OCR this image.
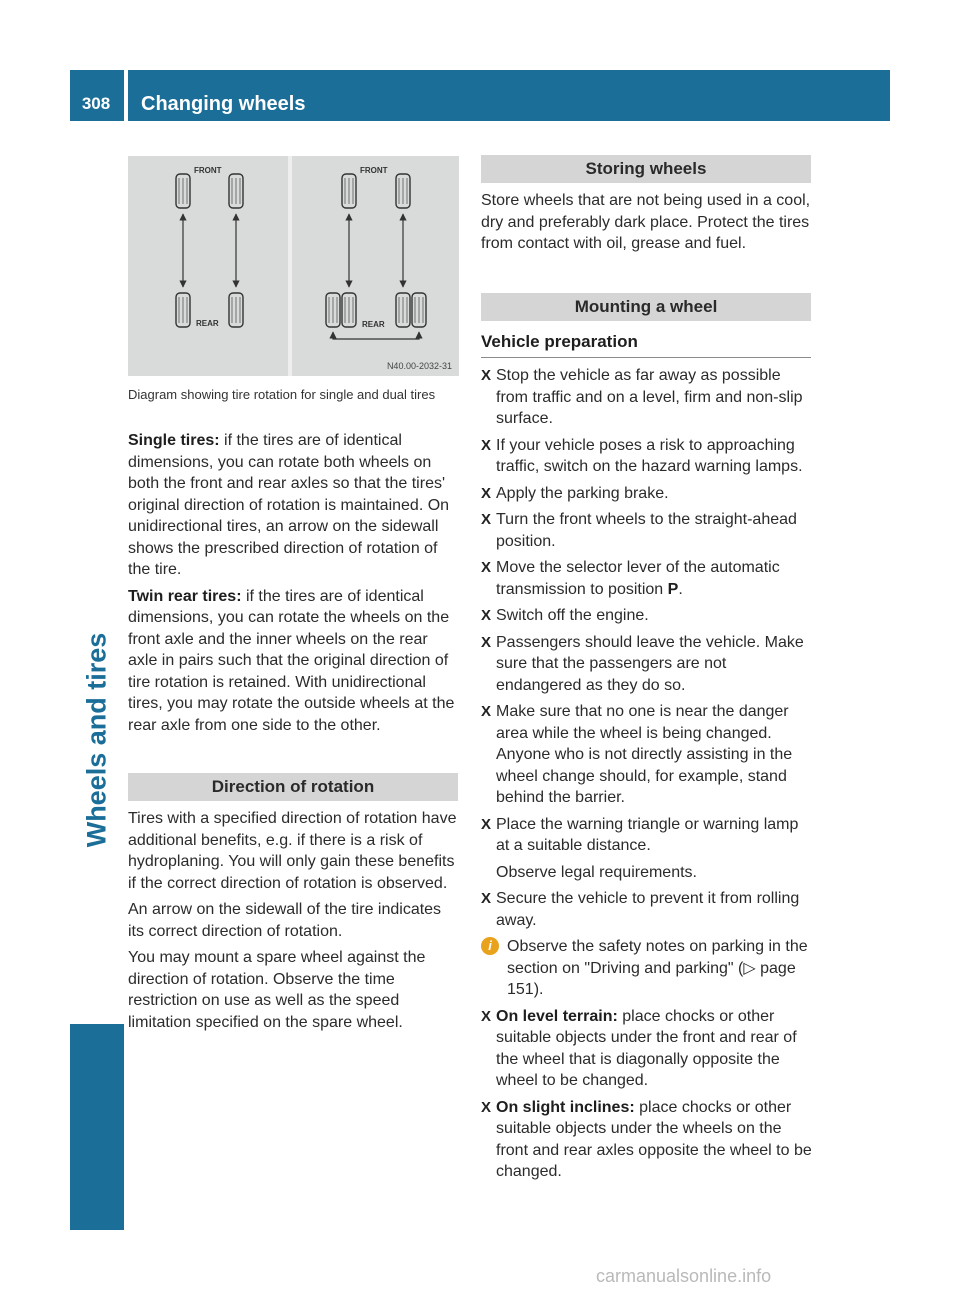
308	Changing wheels
Wheels and tires
FRONT
REAR
FRONT
REAR
N40.00-2032-31
Diagram showing tire rotation for single and dual tires

Single tires: if the tires are of identical dimensions, you can rotate both wheels on both the front and rear axles so that the tires' original direction of rotation is maintained. On unidirectional tires, an arrow on the sidewall shows the prescribed direction of rotation of the tire.

Twin rear tires: if the tires are of identical dimensions, you can rotate the wheels on the front axle and the inner wheels on the rear axle in pairs such that the original direction of tire rotation is retained. With unidirectional tires, you may rotate the outside wheels at the rear axle from one side to the other.

Direction of rotation

Tires with a specified direction of rotation have additional benefits, e.g. if there is a risk of hydroplaning. You will only gain these benefits if the correct direction of rotation is observed.

An arrow on the sidewall of the tire indicates its correct direction of rotation.

You may mount a spare wheel against the direction of rotation. Observe the time restriction on use as well as the speed limitation specified on the spare wheel.

Storing wheels
Store wheels that are not being used in a cool, dry and preferably dark place. Protect the tires from contact with oil, grease and fuel.
Mounting a wheel
Vehicle preparation
X Stop the vehicle as far away as possible from traffic and on a level, firm and non-slip surface.
X If your vehicle poses a risk to approaching traffic, switch on the hazard warning lamps.
X Apply the parking brake.
X Turn the front wheels to the straight-ahead position.
X Move the selector lever of the automatic transmission to position P.
X Switch off the engine.
X Passengers should leave the vehicle. Make sure that the passengers are not endangered as they do so.
X Make sure that no one is near the danger area while the wheel is being changed. Anyone who is not directly assisting in the wheel change should, for example, stand behind the barrier.
X Place the warning triangle or warning lamp at a suitable distance.
Observe legal requirements.
X Secure the vehicle to prevent it from rolling away.
i Observe the safety notes on parking in the section on "Driving and parking" (▷ page 151).
X On level terrain: place chocks or other suitable objects under the front and rear of the wheel that is diagonally opposite the wheel to be changed.
X On slight inclines: place chocks or other suitable objects under the wheels on the front and rear axles opposite the wheel to be changed.
carmanualsonline.info
